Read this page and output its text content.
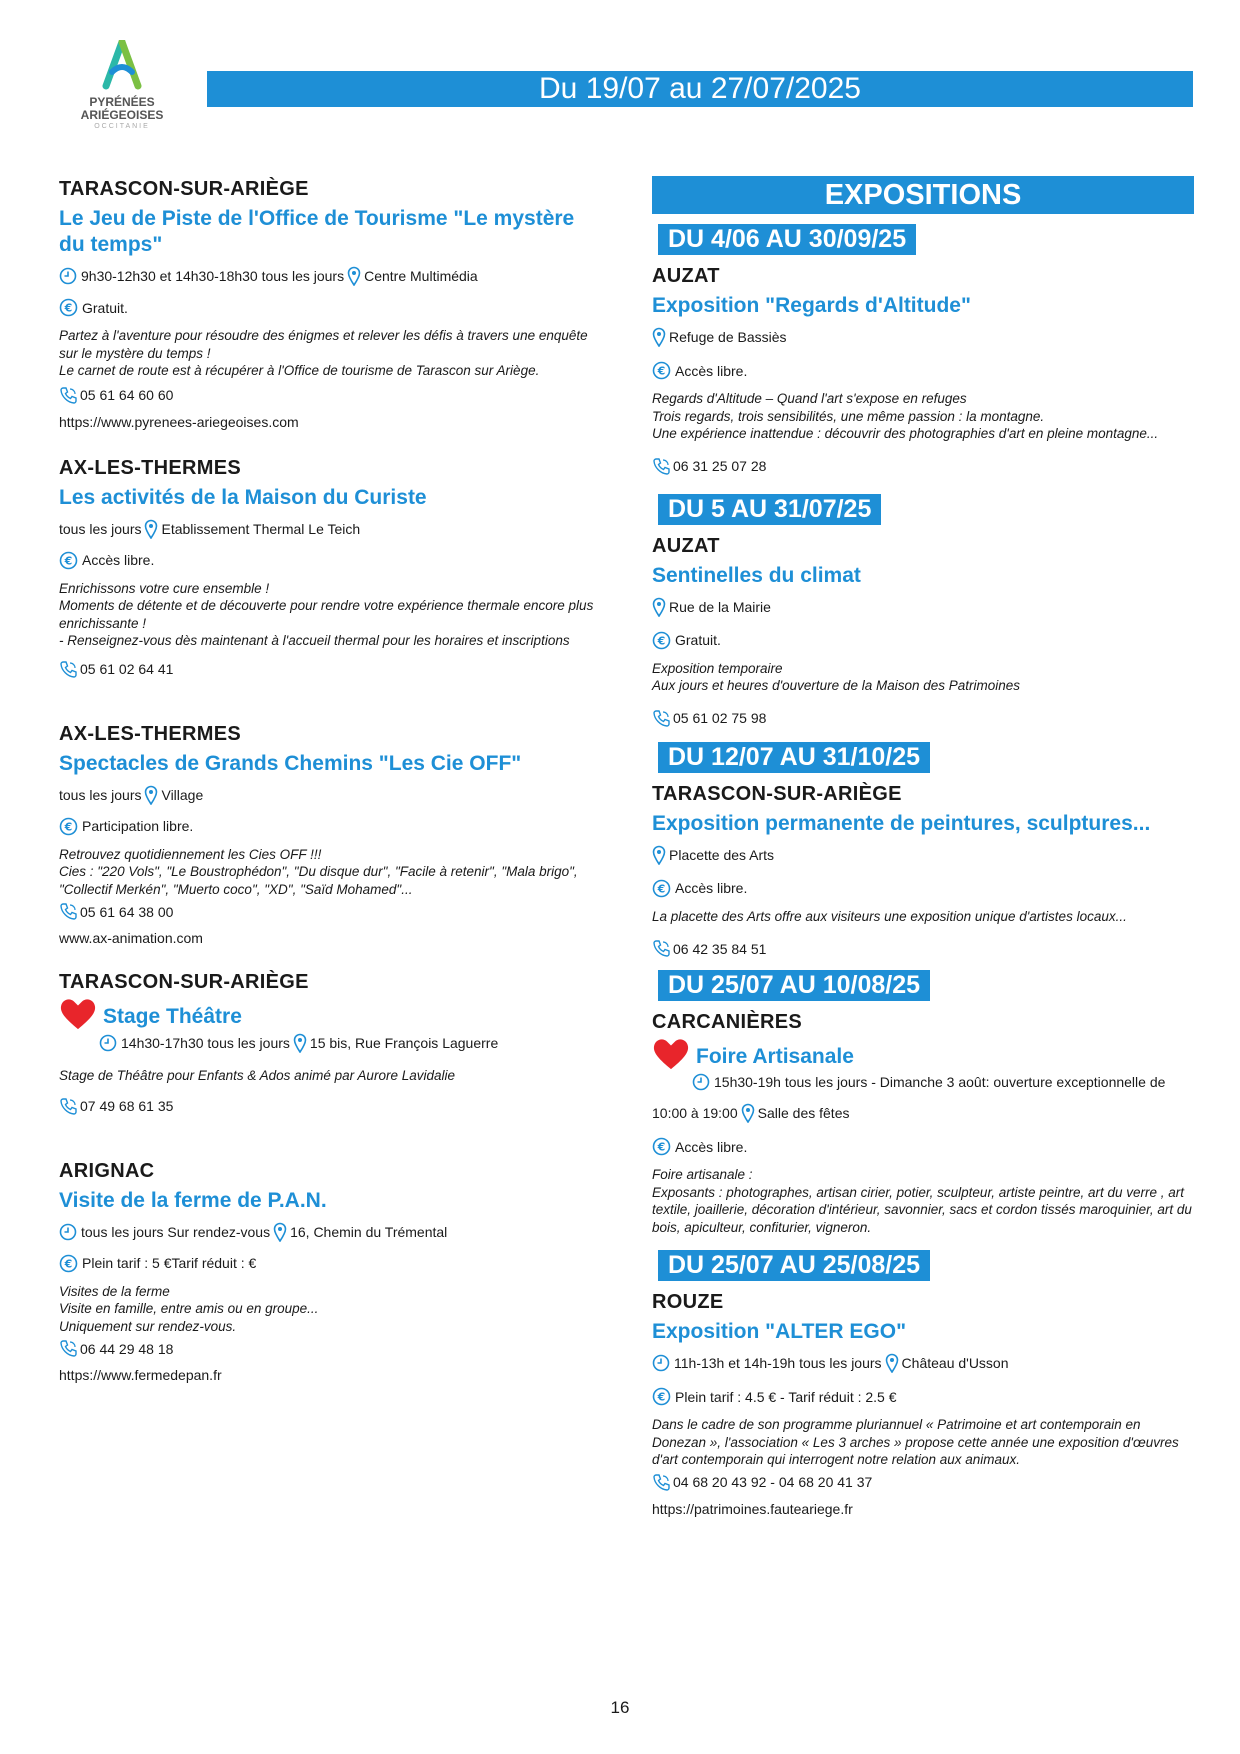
PYRÉNÉES
ARIÉGEOISES
OCCITANIE
Du 19/07 au 27/07/2025
TARASCON-SUR-ARIÈGE
Le Jeu de Piste de l'Office de Tourisme "Le mystère du temps"
9h30-12h30 et 14h30-18h30 tous les jours Centre Multimédia
€ Gratuit.
Partez à l'aventure pour résoudre des énigmes et relever les défis à travers une enquête sur le mystère du temps !
Le carnet de route est à récupérer à l'Office de tourisme de Tarascon sur Ariège.
05 61 64 60 60
https://www.pyrenees-ariegeoises.com
AX-LES-THERMES
Les activités de la Maison du Curiste
tous les jours Etablissement Thermal Le Teich
€ Accès libre.
Enrichissons votre cure ensemble !
Moments de détente et de découverte pour rendre votre expérience thermale encore plus enrichissante !
- Renseignez-vous dès maintenant à l'accueil thermal pour les horaires et inscriptions
05 61 02 64 41
AX-LES-THERMES
Spectacles de Grands Chemins "Les Cie OFF"
tous les jours Village
€ Participation libre.
Retrouvez quotidiennement les Cies OFF !!!
Cies : "220 Vols", "Le Boustrophédon", "Du disque dur", "Facile à retenir", "Mala brigo", "Collectif Merkén", "Muerto coco", "XD", "Saïd Mohamed"...
05 61 64 38 00
www.ax-animation.com
TARASCON-SUR-ARIÈGE
Stage Théâtre
14h30-17h30 tous les jours 15 bis, Rue François Laguerre
Stage de Théâtre pour Enfants & Ados animé par Aurore Lavidalie
07 49 68 61 35
ARIGNAC
Visite de la ferme de P.A.N.
tous les jours Sur rendez-vous 16, Chemin du Trémental
€ Plein tarif : 5 €Tarif réduit : €
Visites de la ferme
Visite en famille, entre amis ou en groupe...
Uniquement sur rendez-vous.
06 44 29 48 18
https://www.fermedepan.fr
EXPOSITIONS
DU 4/06 AU 30/09/25
AUZAT
Exposition "Regards d'Altitude"
Refuge de Bassiès
€ Accès libre.
Regards d'Altitude – Quand l'art s'expose en refuges
Trois regards, trois sensibilités, une même passion : la montagne.
Une expérience inattendue : découvrir des photographies d'art en pleine montagne...
06 31 25 07 28
DU 5 AU 31/07/25
AUZAT
Sentinelles du climat
Rue de la Mairie
€ Gratuit.
Exposition temporaire
Aux jours et heures d'ouverture de la Maison des Patrimoines
05 61 02 75 98
DU 12/07 AU 31/10/25
TARASCON-SUR-ARIÈGE
Exposition permanente de peintures, sculptures...
Placette des Arts
€ Accès libre.
La placette des Arts offre aux visiteurs une exposition unique d'artistes locaux...
06 42 35 84 51
DU 25/07 AU 10/08/25
CARCANIÈRES
Foire Artisanale
15h30-19h tous les jours - Dimanche 3 août: ouverture exceptionnelle de
10:00 à 19:00 Salle des fêtes
€ Accès libre.
Foire artisanale :
Exposants : photographes, artisan cirier, potier, sculpteur, artiste peintre, art du verre , art textile, joaillerie, décoration d'intérieur, savonnier, sacs et cordon tissés maroquinier, art du bois, apiculteur, confiturier, vigneron.
DU 25/07 AU 25/08/25
ROUZE
Exposition "ALTER EGO"
11h-13h et 14h-19h tous les jours Château d'Usson
€ Plein tarif : 4.5 € - Tarif réduit : 2.5 €
Dans le cadre de son programme pluriannuel « Patrimoine et art contemporain en Donezan », l'association « Les 3 arches » propose cette année une exposition d'œuvres d'art contemporain qui interrogent notre relation aux animaux.
04 68 20 43 92 - 04 68 20 41 37
https://patrimoines.fauteariege.fr
16
